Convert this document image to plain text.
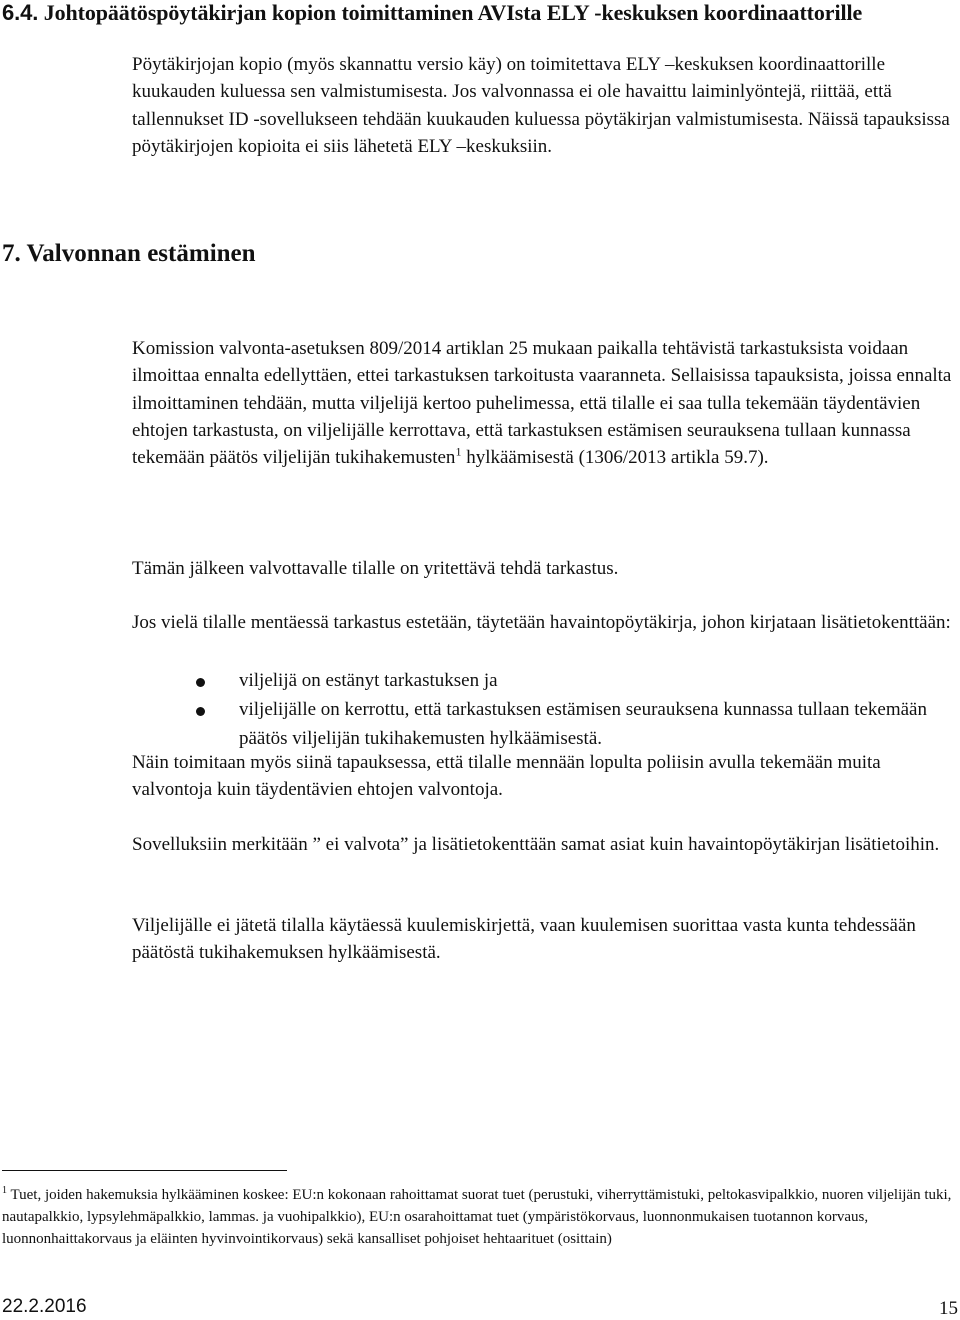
6.4. Johtopäätöspöytäkirjan kopion toimittaminen AVIsta ELY -keskuksen koordinaattorille

Pöytäkirjojan kopio (myös skannattu versio käy) on toimitettava ELY –keskuksen koordinaattorille kuukauden kuluessa sen valmistumisesta. Jos valvonnassa ei ole havaittu laiminlyöntejä, riittää, että tallennukset ID -sovellukseen tehdään kuukauden kuluessa pöytäkirjan valmistumisesta. Näissä tapauksissa pöytäkirjojen kopioita ei siis lähetetä ELY –keskuksiin.

7. Valvonnan estäminen

Komission valvonta-asetuksen 809/2014 artiklan 25 mukaan paikalla tehtävistä tarkastuksista voidaan ilmoittaa ennalta edellyttäen, ettei tarkastuksen tarkoitusta vaaranneta. Sellaisissa tapauksista, joissa ennalta ilmoittaminen tehdään, mutta viljelijä kertoo puhelimessa, että tilalle ei saa tulla tekemään täydentävien ehtojen tarkastusta, on viljelijälle kerrottava, että tarkastuksen estämisen seurauksena tullaan kunnassa tekemään päätös viljelijän tukihakemusten$^1$ hylkäämisestä (1306/2013 artikla 59.7).

Tämän jälkeen valvottavalle tilalle on yritettävä tehdä tarkastus.

Jos vielä tilalle mentäessä tarkastus estetään, täytetään havaintopöytäkirja, johon kirjataan lisätietokenttään:

viljelijä on estänyt tarkastuksen ja
viljelijälle on kerrottu, että tarkastuksen estämisen seurauksena kunnassa tullaan tekemään päätös viljelijän tukihakemusten hylkäämisestä.

Näin toimitaan myös siinä tapauksessa, että tilalle mennään lopulta poliisin avulla tekemään muita valvontoja kuin täydentävien ehtojen valvontoja.

Sovelluksiin merkitään ” ei valvota” ja lisätietokenttään samat asiat kuin havaintopöytäkirjan lisätietoihin.

Viljelijälle ei jätetä tilalla käytäessä kuulemiskirjettä, vaan kuulemisen suorittaa vasta kunta tehdessään päätöstä tukihakemuksen hylkäämisestä.

$^1$ Tuet, joiden hakemuksia hylkääminen koskee: EU:n kokonaan rahoittamat suorat tuet (perustuki, viherryttämistuki, peltokasvipalkkio, nuoren viljelijän tuki, nautapalkkio, lypsylehmäpalkkio, lammas. ja vuohipalkkio), EU:n osarahoittamat tuet (ympäristökorvaus, luonnonmukaisen tuotannon korvaus, luonnonhaittakorvaus ja eläinten hyvinvointikorvaus) sekä kansalliset pohjoiset hehtaarituet (osittain)

22.2.2016	15
